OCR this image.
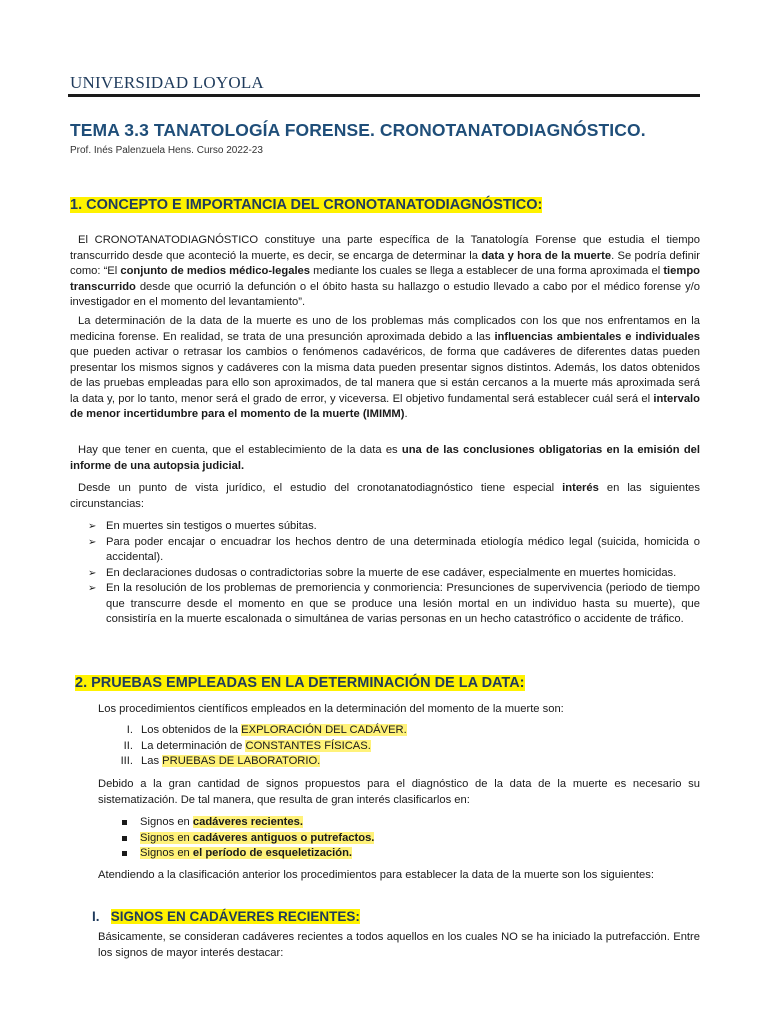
UNIVERSIDAD LOYOLA
TEMA 3.3 TANATOLOGÍA FORENSE. CRONOTANATODIAGNÓSTICO.
Prof. Inés Palenzuela Hens. Curso 2022-23
1. CONCEPTO E IMPORTANCIA DEL CRONOTANATODIAGNÓSTICO:
El CRONOTANATODIAGNÓSTICO constituye una parte específica de la Tanatología Forense que estudia el tiempo transcurrido desde que aconteció la muerte, es decir, se encarga de determinar la data y hora de la muerte. Se podría definir como: “El conjunto de medios médico-legales mediante los cuales se llega a establecer de una forma aproximada el tiempo transcurrido desde que ocurrió la defunción o el óbito hasta su hallazgo o estudio llevado a cabo por el médico forense y/o investigador en el momento del levantamiento”.
La determinación de la data de la muerte es uno de los problemas más complicados con los que nos enfrentamos en la medicina forense. En realidad, se trata de una presunción aproximada debido a las influencias ambientales e individuales que pueden activar o retrasar los cambios o fenómenos cadavéricos, de forma que cadáveres de diferentes datas pueden presentar los mismos signos y cadáveres con la misma data pueden presentar signos distintos. Además, los datos obtenidos de las pruebas empleadas para ello son aproximados, de tal manera que si están cercanos a la muerte más aproximada será la data y, por lo tanto, menor será el grado de error, y viceversa. El objetivo fundamental será establecer cuál será el intervalo de menor incertidumbre para el momento de la muerte (IMIMM).
Hay que tener en cuenta, que el establecimiento de la data es una de las conclusiones obligatorias en la emisión del informe de una autopsia judicial.
Desde un punto de vista jurídico, el estudio del cronotanatodiagnóstico tiene especial interés en las siguientes circunstancias:
➢ En muertes sin testigos o muertes súbitas.
➢ Para poder encajar o encuadrar los hechos dentro de una determinada etiología médico legal (suicida, homicida o accidental).
➢ En declaraciones dudosas o contradictorias sobre la muerte de ese cadáver, especialmente en muertes homicidas.
➢ En la resolución de los problemas de premoriencia y conmoriencia: Presunciones de supervivencia (periodo de tiempo que transcurre desde el momento en que se produce una lesión mortal en un individuo hasta su muerte), que consistiría en la muerte escalonada o simultánea de varias personas en un hecho catastrófico o accidente de tráfico.
2. PRUEBAS EMPLEADAS EN LA DETERMINACIÓN DE LA DATA:
Los procedimientos científicos empleados en la determinación del momento de la muerte son:
I. Los obtenidos de la EXPLORACIÓN DEL CADÁVER.
II. La determinación de CONSTANTES FÍSICAS.
III. Las PRUEBAS DE LABORATORIO.
Debido a la gran cantidad de signos propuestos para el diagnóstico de la data de la muerte es necesario su sistematización. De tal manera, que resulta de gran interés clasificarlos en:
Signos en cadáveres recientes.
Signos en cadáveres antiguos o putrefactos.
Signos en el período de esqueletización.
Atendiendo a la clasificación anterior los procedimientos para establecer la data de la muerte son los siguientes:
I. SIGNOS EN CADÁVERES RECIENTES:
Básicamente, se consideran cadáveres recientes a todos aquellos en los cuales NO se ha iniciado la putrefacción. Entre los signos de mayor interés destacar:
